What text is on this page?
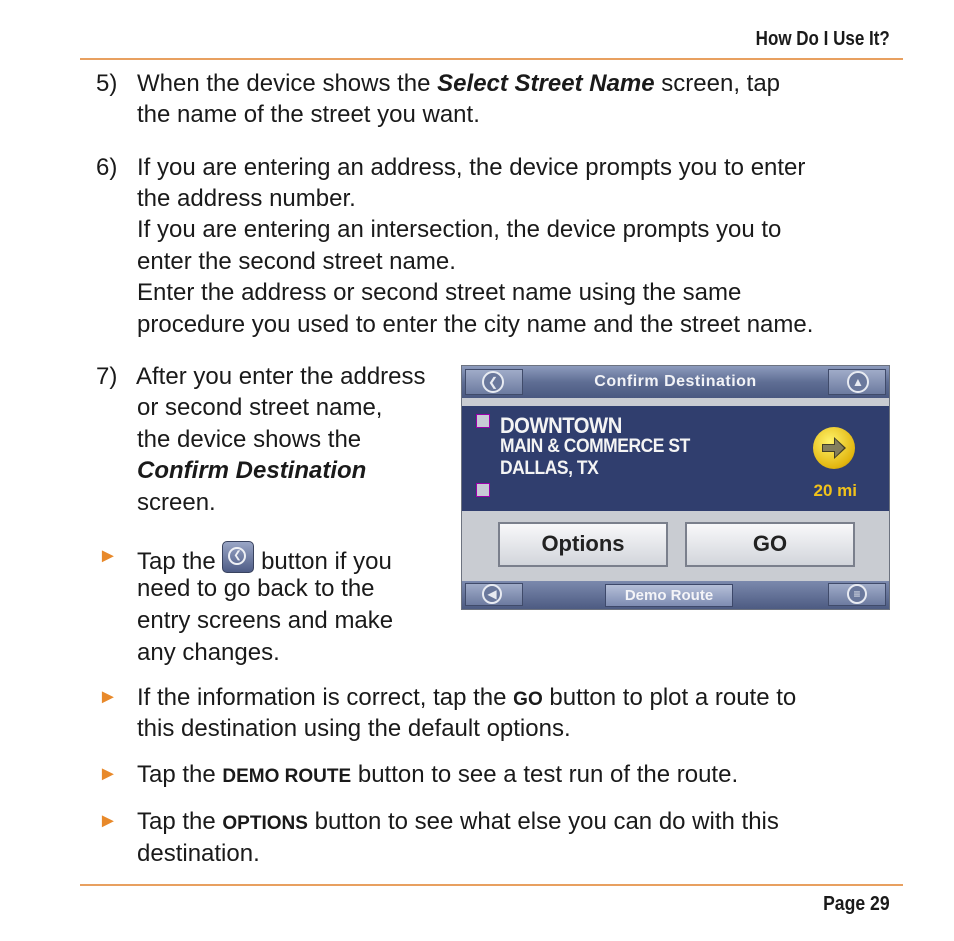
How Do I Use It?
5) When the device shows the Select Street Name screen, tap
the name of the street you want.
6) If you are entering an address, the device prompts you to enter
the address number.
If you are entering an intersection, the device prompts you to
enter the second street name.
Enter the address or second street name using the same
procedure you used to enter the city name and the street name.
7) After you enter the address
or second street name,
the device shows the
Confirm Destination
screen.
► Tap the	❮ button if you
need to go back to the
entry screens and make
any changes.
❮	Confirm Destination	▲
DOWNTOWN
MAIN & COMMERCE ST
DALLAS, TX
20 mi
Options	GO
◀	Demo Route	≡
► If the information is correct, tap the GO button to plot a route to
this destination using the default options.
► Tap the DEMO ROUTE button to see a test run of the route.
► Tap the OPTIONS button to see what else you can do with this
destination.
Page 29
